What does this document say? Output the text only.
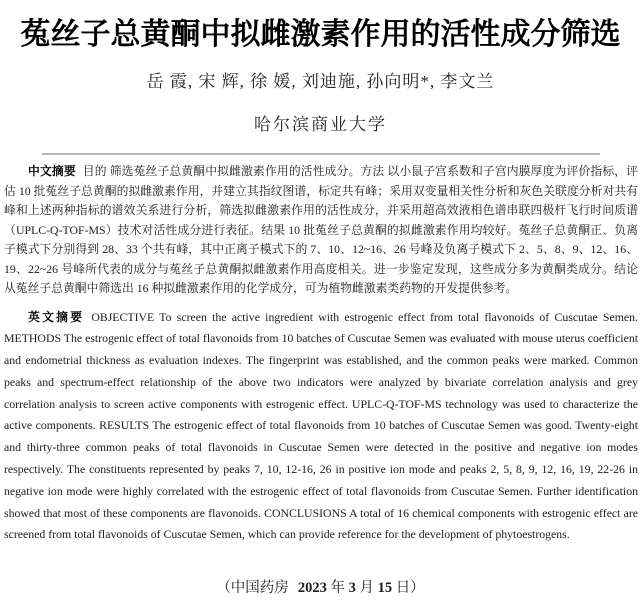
菟丝子总黄酮中拟雌激素作用的活性成分筛选
岳 霞, 宋 辉, 徐 媛, 刘迪施, 孙向明*, 李文兰
哈尔滨商业大学

中文摘要 目的 筛选菟丝子总黄酮中拟雌激素作用的活性成分。方法 以小鼠子宫系数和子宫内膜厚度为评价指标，评估 10 批菟丝子总黄酮的拟雌激素作用，并建立其指纹图谱，标定共有峰；采用双变量相关性分析和灰色关联度分析对共有峰和上述两种指标的谱效关系进行分析，筛选拟雌激素作用的活性成分，并采用超高效液相色谱串联四极杆飞行时间质谱（UPLC-Q-TOF-MS）技术对活性成分进行表征。结果 10 批菟丝子总黄酮的拟雌激素作用均较好。菟丝子总黄酮正、负离子模式下分别得到 28、33 个共有峰，其中正离子模式下的 7、10、12~16、26 号峰及负离子模式下 2、5、8、9、12、16、19、22~26 号峰所代表的成分与菟丝子总黄酮拟雌激素作用高度相关。进一步鉴定发现，这些成分多为黄酮类成分。结论 从菟丝子总黄酮中筛选出 16 种拟雌激素作用的化学成分，可为植物雌激素类药物的开发提供参考。

英文摘要 OBJECTIVE To screen the active ingredient with estrogenic effect from total flavonoids of Cuscutae Semen. METHODS The estrogenic effect of total flavonoids from 10 batches of Cuscutae Semen was evaluated with mouse uterus coefficient and endometrial thickness as evaluation indexes. The fingerprint was established, and the common peaks were marked. Common peaks and spectrum-effect relationship of the above two indicators were analyzed by bivariate correlation analysis and grey correlation analysis to screen active components with estrogenic effect. UPLC-Q-TOF-MS technology was used to characterize the active components. RESULTS The estrogenic effect of total flavonoids from 10 batches of Cuscutae Semen was good. Twenty-eight and thirty-three common peaks of total flavonoids in Cuscutae Semen were detected in the positive and negative ion modes respectively. The constituents represented by peaks 7, 10, 12-16, 26 in positive ion mode and peaks 2, 5, 8, 9, 12, 16, 19, 22-26 in negative ion mode were highly correlated with the estrogenic effect of total flavonoids from Cuscutae Semen. Further identification showed that most of these components are flavonoids. CONCLUSIONS A total of 16 chemical components with estrogenic effect are screened from total flavonoids of Cuscutae Semen, which can provide reference for the development of phytoestrogens.

（中国药房 2023 年 3 月 15 日）
